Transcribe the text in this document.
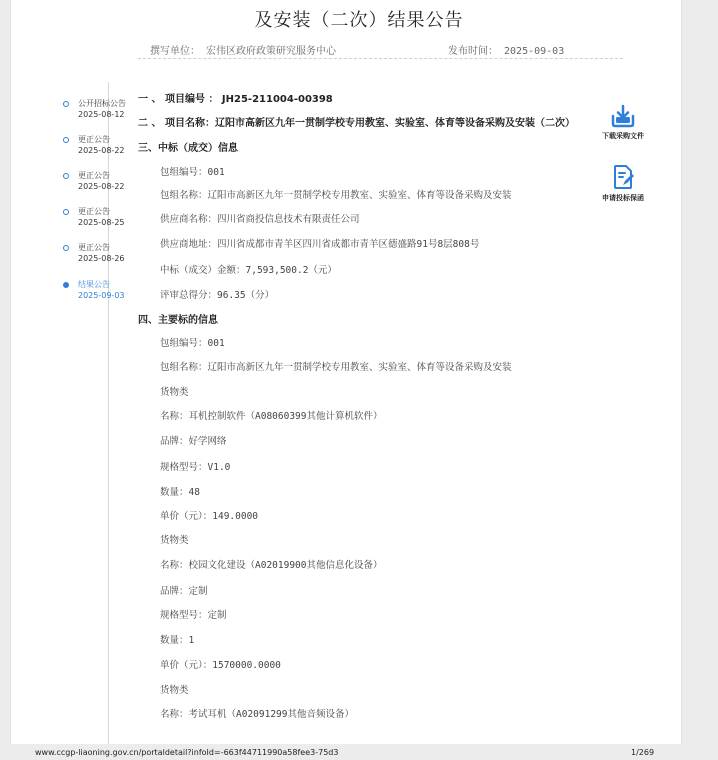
及安装（二次）结果公告
撰写单位： 宏伟区政府政策研究服务中心	发布时间： 2025-09-03
公开招标公告
2025-08-12
更正公告
2025-08-22
更正公告
2025-08-22
更正公告
2025-08-25
更正公告
2025-08-26
结果公告
2025-09-03
一 、 项目编号 ： JH25-211004-00398
二 、 项目名称：辽阳市高新区九年一贯制学校专用教室、实验室、体育等设备采购及安装（二次）
三、中标（成交）信息
包组编号：001
包组名称：辽阳市高新区九年一贯制学校专用教室、实验室、体育等设备采购及安装
供应商名称：四川省商投信息技术有限责任公司
供应商地址：四川省成都市青羊区四川省成都市青羊区德盛路91号8层808号
中标（成交）金额：7,593,500.2（元）
评审总得分：96.35（分）
四、主要标的信息
包组编号：001
包组名称：辽阳市高新区九年一贯制学校专用教室、实验室、体育等设备采购及安装
货物类
名称：耳机控制软件（A08060399其他计算机软件）
品牌：好学网络
规格型号：V1.0
数量：48
单价（元）：149.0000
货物类
名称：校园文化建设（A02019900其他信息化设备）
品牌：定制
规格型号：定制
数量：1
单价（元）：1570000.0000
货物类
名称：考试耳机（A02091299其他音频设备）
下载采购文件
申请投标保函
www.ccgp-liaoning.gov.cn/portaldetail?infoId=-663f44711990a58fee3-75d3	1/269
